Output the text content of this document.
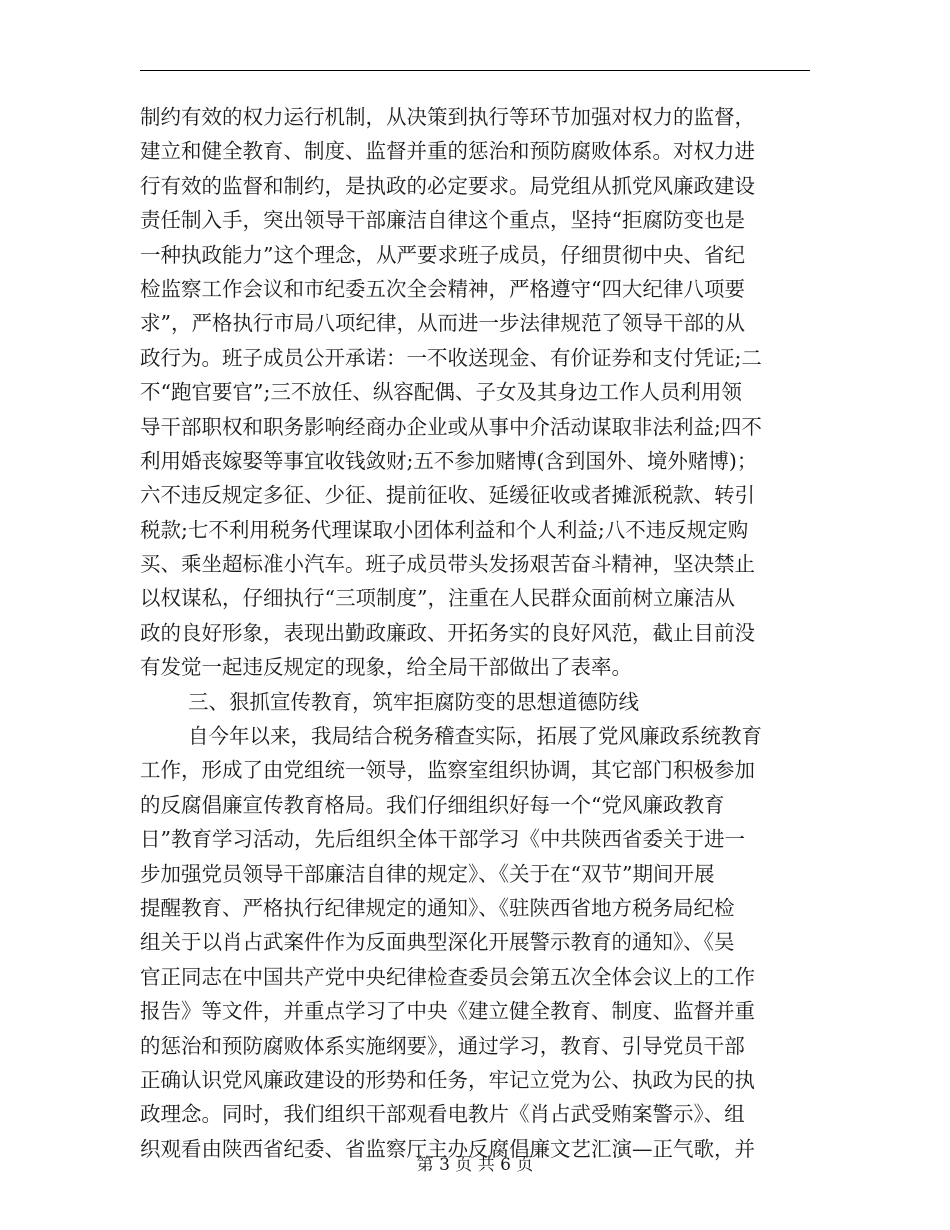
制约有效的权力运行机制，从决策到执行等环节加强对权力的监督，
建立和健全教育、制度、监督并重的惩治和预防腐败体系。对权力进
行有效的监督和制约，是执政的必定要求。局党组从抓党风廉政建设
责任制入手，突出领导干部廉洁自律这个重点，坚持“拒腐防变也是
一种执政能力”这个理念，从严要求班子成员，仔细贯彻中央、省纪
检监察工作会议和市纪委五次全会精神，严格遵守“四大纪律八项要
求”，严格执行市局八项纪律，从而进一步法律规范了领导干部的从
政行为。班子成员公开承诺：一不收送现金、有价证券和支付凭证;二
不“跑官要官”;三不放任、纵容配偶、子女及其身边工作人员利用领
导干部职权和职务影响经商办企业或从事中介活动谋取非法利益;四不
利用婚丧嫁娶等事宜收钱敛财;五不参加赌博(含到国外、境外赌博)；
六不违反规定多征、少征、提前征收、延缓征收或者摊派税款、转引
税款;七不利用税务代理谋取小团体利益和个人利益;八不违反规定购
买、乘坐超标准小汽车。班子成员带头发扬艰苦奋斗精神，坚决禁止
以权谋私，仔细执行“三项制度”，注重在人民群众面前树立廉洁从
政的良好形象，表现出勤政廉政、开拓务实的良好风范，截止目前没
有发觉一起违反规定的现象，给全局干部做出了表率。
三、狠抓宣传教育，筑牢拒腐防变的思想道德防线
自今年以来，我局结合税务稽查实际，拓展了党风廉政系统教育
工作，形成了由党组统一领导，监察室组织协调，其它部门积极参加
的反腐倡廉宣传教育格局。我们仔细组织好每一个“党风廉政教育
日”教育学习活动，先后组织全体干部学习《中共陕西省委关于进一
步加强党员领导干部廉洁自律的规定》、《关于在“双节”期间开展
提醒教育、严格执行纪律规定的通知》、《驻陕西省地方税务局纪检
组关于以肖占武案件作为反面典型深化开展警示教育的通知》、《吴
官正同志在中国共产党中央纪律检查委员会第五次全体会议上的工作
报告》等文件，并重点学习了中央《建立健全教育、制度、监督并重
的惩治和预防腐败体系实施纲要》，通过学习，教育、引导党员干部
正确认识党风廉政建设的形势和任务，牢记立党为公、执政为民的执
政理念。同时，我们组织干部观看电教片《肖占武受贿案警示》、组
织观看由陕西省纪委、省监察厅主办反腐倡廉文艺汇演—正气歌，并
第 3 页 共 6 页
